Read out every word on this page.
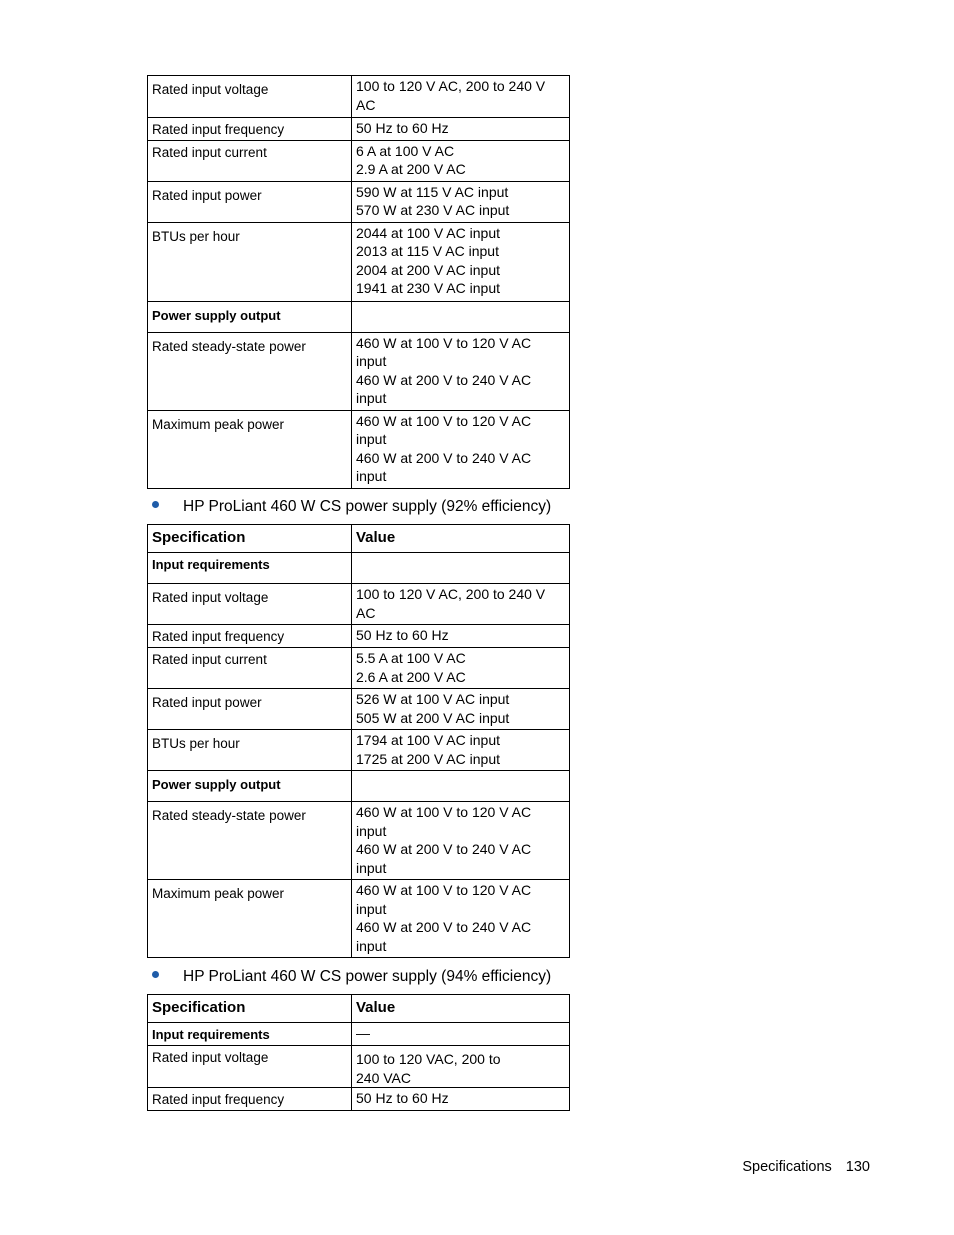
Rated input voltage	100 to 120 V AC, 200 to 240 V
AC

Rated input frequency	50 Hz to 60 Hz

Rated input current	6 A at 100 V AC
2.9 A at 200 V AC

Rated input power	590 W at 115 V AC input
570 W at 230 V AC input

BTUs per hour	2044 at 100 V AC input
2013 at 115 V AC input
2004 at 200 V AC input
1941 at 230 V AC input

Power supply output	

Rated steady-state power	460 W at 100 V to 120 V AC
input
460 W at 200 V to 240 V AC
input

Maximum peak power	460 W at 100 V to 120 V AC
input
460 W at 200 V to 240 V AC
input
HP ProLiant 460 W CS power supply (92% efficiency)
Specification	Value
Input requirements	

Rated input voltage	100 to 120 V AC, 200 to 240 V
AC

Rated input frequency	50 Hz to 60 Hz

Rated input current	5.5 A at 100 V AC
2.6 A at 200 V AC

Rated input power	526 W at 100 V AC input
505 W at 200 V AC input

BTUs per hour	1794 at 100 V AC input
1725 at 200 V AC input

Power supply output	

Rated steady-state power	460 W at 100 V to 120 V AC
input
460 W at 200 V to 240 V AC
input

Maximum peak power	460 W at 100 V to 120 V AC
input
460 W at 200 V to 240 V AC
input
HP ProLiant 460 W CS power supply (94% efficiency)
Specification	Value
Input requirements	—

Rated input voltage	100 to 120 VAC, 200 to
240 VAC

Rated input frequency	50 Hz to 60 Hz
Specifications 130
